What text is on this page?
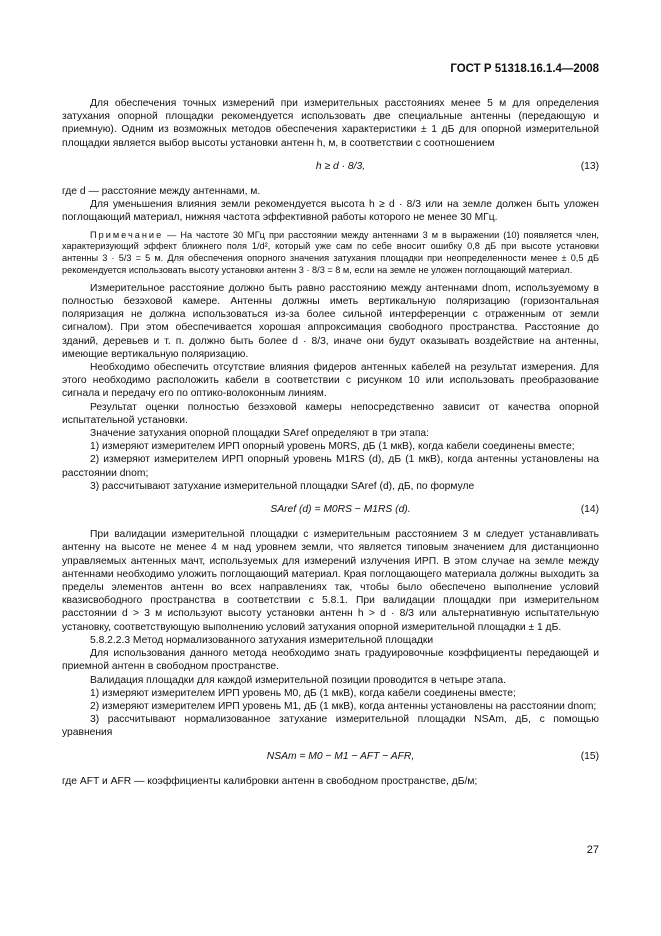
ГОСТ Р 51318.16.1.4—2008

Для обеспечения точных измерений при измерительных расстояниях менее 5 м для определения затухания опорной площадки рекомендуется использовать две специальные антенны (передающую и приемную). Одним из возможных методов обеспечения характеристики ± 1 дБ для опорной измерительной площадки является выбор высоты установки антенн h, м, в соответствии с соотношением

h ≥ d · 8/3,	(13)

где d — расстояние между антеннами, м.

Для уменьшения влияния земли рекомендуется высота h ≥ d · 8/3 или на земле должен быть уложен поглощающий материал, нижняя частота эффективной работы которого не менее 30 МГц.

Примечание — На частоте 30 МГц при расстоянии между антеннами 3 м в выражении (10) появляется член, характеризующий эффект ближнего поля 1/d², который уже сам по себе вносит ошибку 0,8 дБ при высоте установки антенны 3 · 5/3 = 5 м. Для обеспечения опорного значения затухания площадки при неопределенности менее ± 0,5 дБ рекомендуется использовать высоту установки антенн 3 · 8/3 = 8 м, если на земле не уложен поглощающий материал.

Измерительное расстояние должно быть равно расстоянию между антеннами dnom, используемому в полностью безэховой камере. Антенны должны иметь вертикальную поляризацию (горизонтальная поляризация не должна использоваться из-за более сильной интерференции с отраженным от земли сигналом). При этом обеспечивается хорошая аппроксимация свободного пространства. Расстояние до зданий, деревьев и т. п. должно быть более d · 8/3, иначе они будут оказывать воздействие на антенны, имеющие вертикальную поляризацию.

Необходимо обеспечить отсутствие влияния фидеров антенных кабелей на результат измерения. Для этого необходимо расположить кабели в соответствии с рисунком 10 или использовать преобразование сигнала и передачу его по оптико-волоконным линиям.

Результат оценки полностью безэховой камеры непосредственно зависит от качества опорной испытательной установки.

Значение затухания опорной площадки SAref определяют в три этапа:

1) измеряют измерителем ИРП опорный уровень M0RS, дБ (1 мкВ), когда кабели соединены вместе;

2) измеряют измерителем ИРП опорный уровень M1RS (d), дБ (1 мкВ), когда антенны установлены на расстоянии dnom;

3) рассчитывают затухание измерительной площадки SAref (d), дБ, по формуле

SAref (d) = M0RS − M1RS (d).	(14)

При валидации измерительной площадки с измерительным расстоянием 3 м следует устанавливать антенну на высоте не менее 4 м над уровнем земли, что является типовым значением для дистанционно управляемых антенных мачт, используемых для измерений излучения ИРП. В этом случае на земле между антеннами необходимо уложить поглощающий материал. Края поглощающего материала должны выходить за пределы элементов антенн во всех направлениях так, чтобы было обеспечено выполнение условий квазисвободного пространства в соответствии с 5.8.1. При валидации площадки при измерительном расстоянии d > 3 м используют высоту установки антенн h > d · 8/3 или альтернативную испытательную установку, соответствующую выполнению условий затухания опорной измерительной площадки ± 1 дБ.

5.8.2.2.3 Метод нормализованного затухания измерительной площадки

Для использования данного метода необходимо знать градуировочные коэффициенты передающей и приемной антенн в свободном пространстве.

Валидация площадки для каждой измерительной позиции проводится в четыре этапа.

1) измеряют измерителем ИРП уровень M0, дБ (1 мкВ), когда кабели соединены вместе;

2) измеряют измерителем ИРП уровень M1, дБ (1 мкВ), когда антенны установлены на расстоянии dnom;

3) рассчитывают нормализованное затухание измерительной площадки NSAm, дБ, с помощью уравнения

NSAm = M0 − M1 − AFT − AFR,	(15)

где AFT и AFR — коэффициенты калибровки антенн в свободном пространстве, дБ/м;

27
